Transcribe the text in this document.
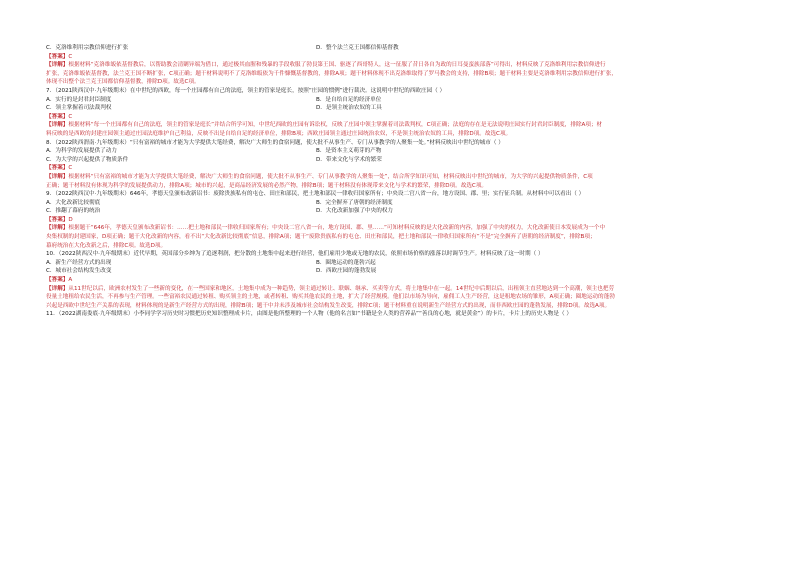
C．克洛维利用宗教信仰进行扩张	D．整个法兰克王国都信仰基督教
【答案】C
【详解】根据材料“克洛维皈依基督教后，以帮助教会清剿异端为借口，通过极其血腥和残暴的手段收服了勃艮第王国、驱逐了西哥特人，这一征服了昔日各自为政的日耳曼蛮族部落”可得出，材料反映了克洛维利用宗教信仰进行
扩张，克洛维皈依基督教，法兰克王国不断扩张，C项正确；题干材料说明不了克洛维皈依为千件慷慨基督教的，排除A项；题干材料体现不出克洛维取得了罗马教会的支持，排除B项；题干材料主要是克洛维利用宗教信仰进行扩张，
体现不出整个法兰克王国都信仰基督教，排除D项。故选C项。
7．（2021陕西汉中·九年级期末）在中世纪的西欧，每一个庄园都有自己的法庭，领主的管家是庭长，按照“庄园的惯例”进行裁决。这说明中世纪的西欧庄园（ ）
A．实行的是封君封臣制度	B．是自给自足的经济单位
C．领主掌握着司法裁判权	D．是领主统治农奴的工具
【答案】C
【详解】根据材料“每一个庄园都有自己的法庭，领主的管家是庭长”并结合所学可知，中世纪西欧的庄园有诉讼权，反映了庄园中领主掌握着司法裁判权，C项正确；法庭的存在是无法说明庄园实行封君封臣制度，排除A项；材
料反映的是西欧的封建庄园领主通过庄园法庭维护自己利益，反映不出是自给自足的经济单位，排除B项；西欧庄园领主通过庄园统治农奴，不是领主统治农奴的工具，排除D项。故选C项。
8．（2022陕西渭南·九年级期末）“只有富裕的城市才能为大学提供大笔经费，解决广大师生的食宿问题，使大批不从事生产、专门从事教学的人聚集一处。”材料反映出中世纪的城市（ ）
A．为科学的发展提供了动力	B．是资本主义萌芽的产物
C．为大学的兴起提供了物质条件	D．带来文化与学术的繁荣
【答案】C
【详解】根据材料“只有富裕的城市才能为大学提供大笔经费，解决广大师生的食宿问题，使大批不从事生产、专门从事教学的人聚集一处”，结合所学知识可知，材料反映出中世纪的城市，为大学的兴起提供物质条件，C项
正确；题干材料没有体现为科学的发展提供动力，排除A项；城市的兴起，是商品经济发展的必然产物，排除B项；题干材料没有体现带来文化与学术的繁荣，排除D项。故选C项。
9．（2022陕西汉中·九年级期末）646年，孝德天皇颁布改新诏书：废除贵族私有的屯仓、田庄和部民，把土地和部民一律收归国家所有；中央设二官八省一台，地方设国、郡、里；实行征兵制。从材料中可以看出（ ）
A．大化改新比较彻底	B．完全摒弃了唐朝的经济制度
C．推翻了幕府的统治	D．大化改新加强了中央的权力
【答案】D
【详解】根据题干“646年，孝德天皇颁布改新诏书：……把土地和部民一律收归国家所有；中央设二官八省一台，地方设国、郡、里……”可知材料反映的是大化改新的内容，加强了中央的权力，大化改新使日本发展成为一个中
央集权制的封建国家，D项正确；题干大化改新的内容，看不出“大化改新比较彻底”信息，排除A项；题干“废除贵族私有的屯仓、田庄和部民，把土地和部民一律收归国家所有”不是“完全摒弃了唐朝的经济制度”，排除B项；
幕府统治在大化改新之后，排除C项。故选D项。
10．（2022陕西汉中·九年级期末）近代早期，英国部分乡绅为了追逐利润，把分散的土地集中起来进行经营，他们雇用少地或无地的农民，依照市场价格的涨落以时调节生产。材料反映了这一时期（ ）
A．新生产经营方式的出现	B．圈地运动的蓬勃兴起
C．城市社会结构发生改变	D．西欧庄园的蓬勃发展
【答案】A
【详解】从11世纪以后，欧洲农村发生了一些新的变化，在一些国家和地区，土地集中成为一种趋势，领主通过转让、联姻、继承、买卖等方式，将土地集中在一起。14世纪中后期以后，出租领主直营地达到一个高潮，领主也把劳
役量土地租给农民生活，不再参与生产管理。一些富裕农民通过转租、购买领主的土地，或者转租、购买其他农民的土地，扩大了经营规模。他们以市场为导向，雇佣工人生产经营，这是租地农场的雏形，A项正确；圈地运动的蓬勃
兴起是西欧中世纪生产关系的表现，材料体现的是新生产经营方式的出现，排除B项；题干中并未涉及城市社会结构发生改变，排除C项；题干材料重在说明新生产经营方式的出现，而非西欧庄园的蓬勃发展，排除D项。故选A项。
11．（2022湖南娄底·九年级期末）小李同学学习历史时习惯把历史知识整理成卡片，由图是他所整理的一个人物（他的名言如“书籍是全人类的营养品”“善良的心地，就是黄金”）的卡片，卡片上的历史人物是（ ）
